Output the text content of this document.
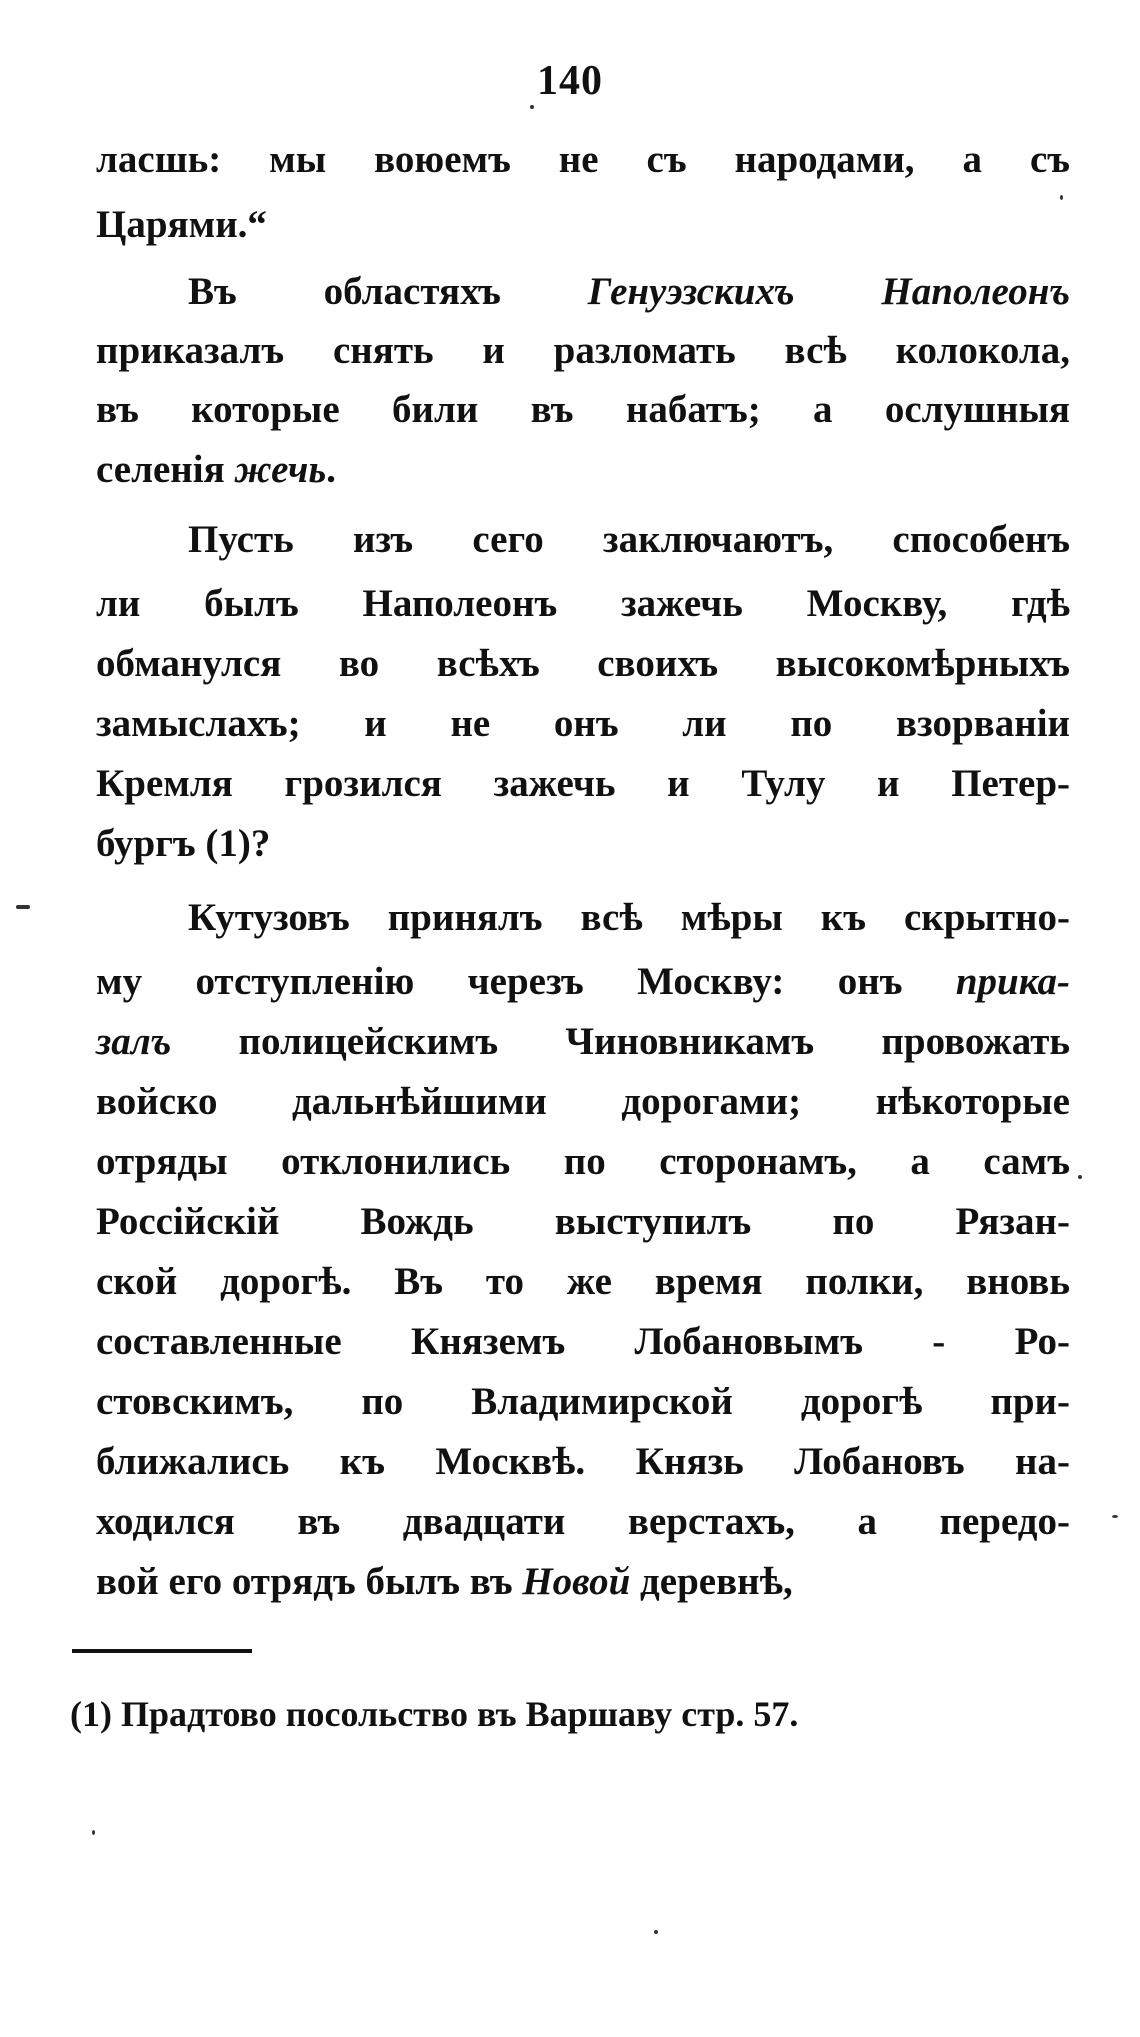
140
ласшь: мы воюемъ не съ народами, а съ
Царями.“
Въ областяхъ Генуэзскихъ Наполеонъ
приказалъ снять и разломать всѣ колокола,
въ которые били въ набатъ; а ослушныя
селенія жечь.
Пусть изъ сего заключаютъ, способенъ
ли былъ Наполеонъ зажечь Москву, гдѣ
обманулся во всѣхъ своихъ высокомѣрныхъ
замыслахъ; и не онъ ли по взорваніи
Кремля грозился зажечь и Тулу и Петер-
бургъ (1)?
Кутузовъ принялъ всѣ мѣры къ скрытно-
му отступленію черезъ Москву: онъ прика-
залъ полицейскимъ Чиновникамъ провожать
войско дальнѣйшими дорогами; нѣкоторые
отряды отклонились по сторонамъ, а самъ
Россійскій Вождь выступилъ по Рязан-
ской дорогѣ. Въ то же время полки, вновь
составленные Княземъ Лобановымъ - Ро-
стовскимъ, по Владимирской дорогѣ при-
ближались къ Москвѣ. Князь Лобановъ на-
ходился въ двадцати верстахъ, а передо-
вой его отрядъ былъ въ Новой деревнѣ,
(1) Прадтово посольство въ Варшаву стр. 57.
